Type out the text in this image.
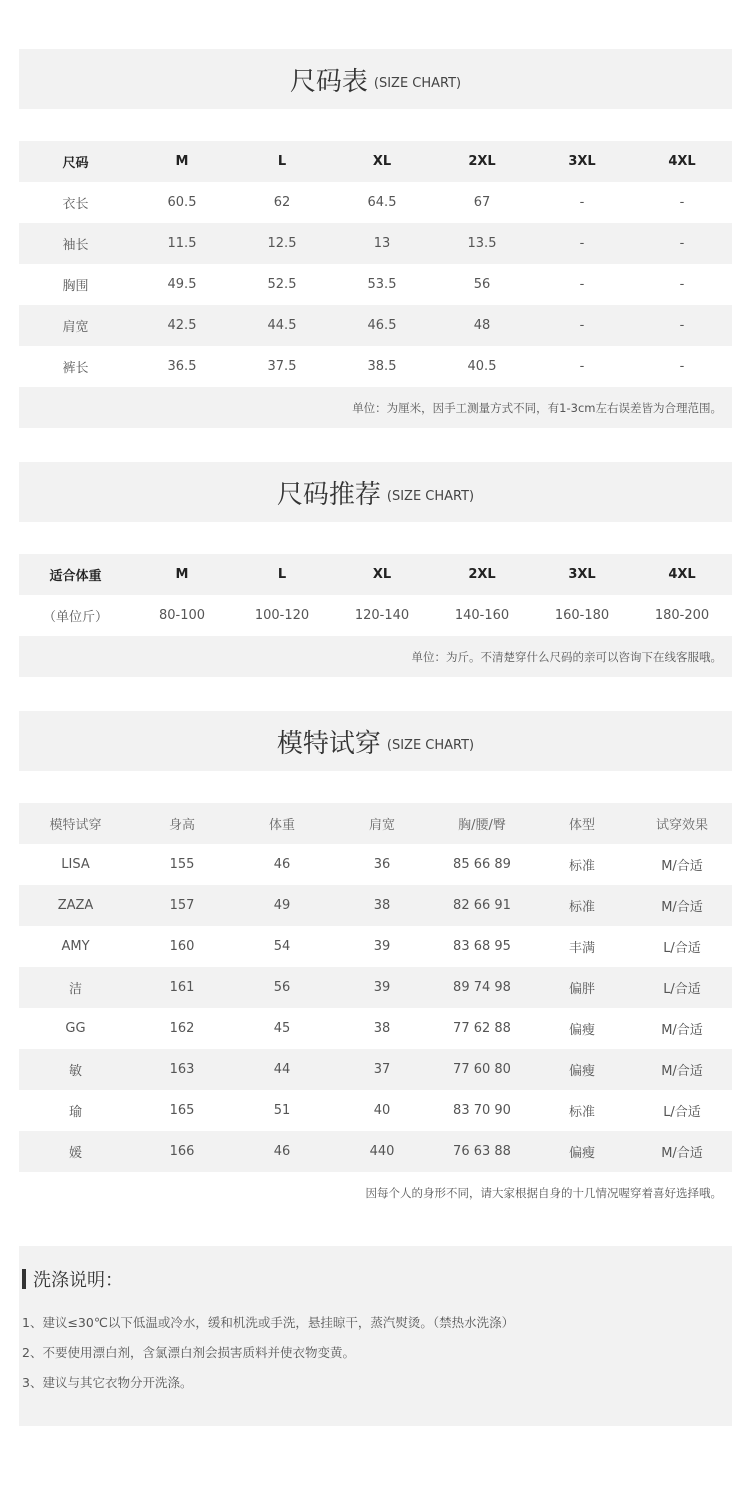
尺码表 (SIZE CHART)
尺码	M	L	XL	2XL	3XL	4XL
衣长	60.5	62	64.5	67	-	-
袖长	11.5	12.5	13	13.5	-	-
胸围	49.5	52.5	53.5	56	-	-
肩宽	42.5	44.5	46.5	48	-	-
裤长	36.5	37.5	38.5	40.5	-	-
单位：为厘米，因手工测量方式不同，有1-3cm左右误差皆为合理范围。
尺码推荐 (SIZE CHART)
适合体重	M	L	XL	2XL	3XL	4XL
（单位斤）	80-100	100-120	120-140	140-160	160-180	180-200
单位：为斤。不清楚穿什么尺码的亲可以咨询下在线客服哦。
模特试穿 (SIZE CHART)
模特试穿	身高	体重	肩宽	胸/腰/臀	体型	试穿效果
LISA	155	46	36	85 66 89	标准	M/合适
ZAZA	157	49	38	82 66 91	标准	M/合适
AMY	160	54	39	83 68 95	丰满	L/合适
洁	161	56	39	89 74 98	偏胖	L/合适
GG	162	45	38	77 62 88	偏瘦	M/合适
敏	163	44	37	77 60 80	偏瘦	M/合适
瑜	165	51	40	83 70 90	标准	L/合适
媛	166	46	440	76 63 88	偏瘦	M/合适
因每个人的身形不同，请大家根据自身的十几情况喔穿着喜好选择哦。
洗涤说明：
1、建议≤30℃以下低温或冷水，缓和机洗或手洗，悬挂晾干，蒸汽熨烫。（禁热水洗涤）
2、不要使用漂白剂，含氯漂白剂会损害质料并使衣物变黄。
3、建议与其它衣物分开洗涤。
